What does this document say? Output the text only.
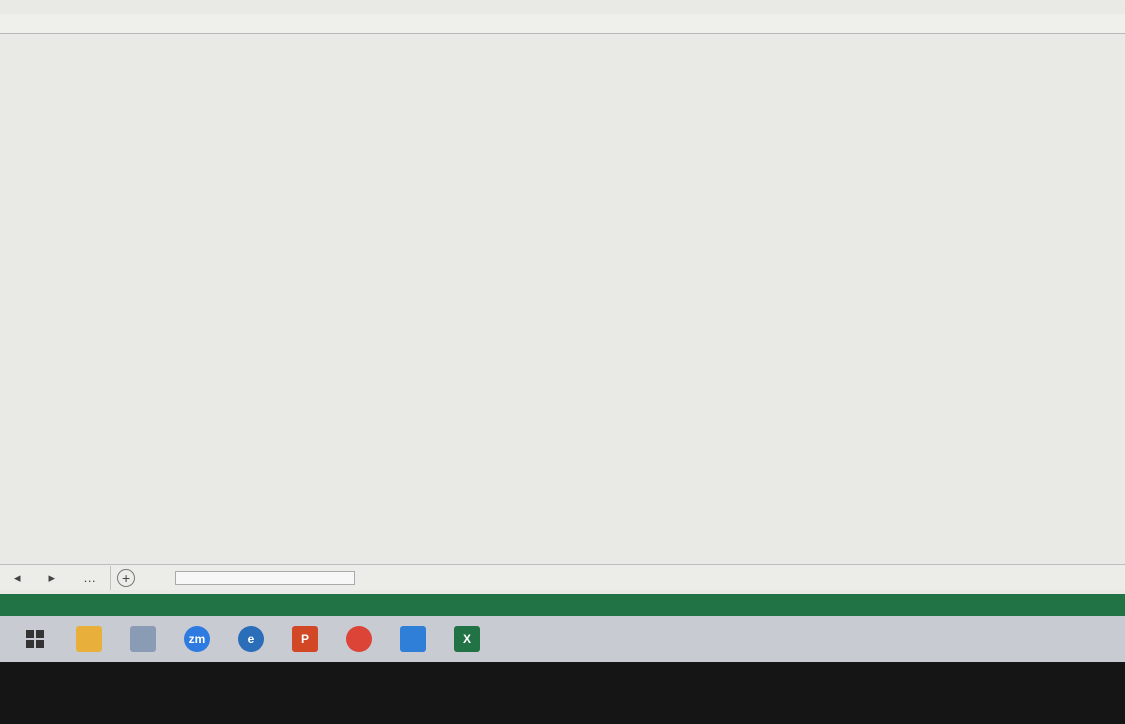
◂	▸	…	+
zm	e	P	X
